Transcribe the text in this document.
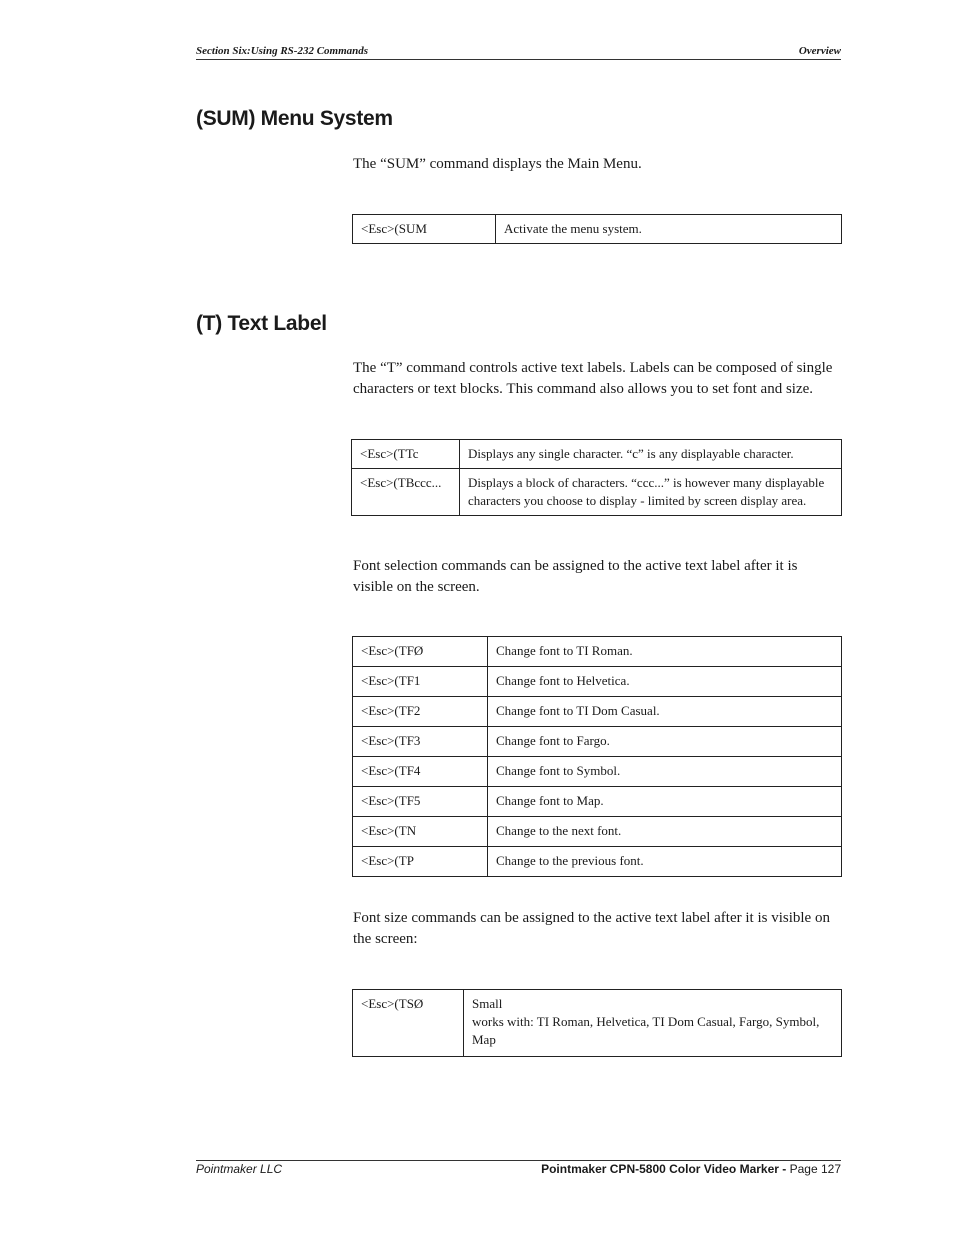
Section Six:Using RS-232 Commands	Overview
(SUM) Menu System

The “SUM” command displays the Main Menu.

<Esc>(SUM	Activate the menu system.
(T) Text Label

The “T” command controls active text labels. Labels can be composed of single characters or text blocks. This command also allows you to set font and size.

<Esc>(TTc	Displays any single character. “c” is any displayable character.
<Esc>(TBccc...	Displays a block of characters. “ccc...” is however many displayable characters you choose to display - limited by screen display area.

Font selection commands can be assigned to the active text label after it is visible on the screen.

<Esc>(TFØ	Change font to TI Roman.
<Esc>(TF1	Change font to Helvetica.
<Esc>(TF2	Change font to TI Dom Casual.
<Esc>(TF3	Change font to Fargo.
<Esc>(TF4	Change font to Symbol.
<Esc>(TF5	Change font to Map.
<Esc>(TN	Change to the next font.
<Esc>(TP	Change to the previous font.

Font size commands can be assigned to the active text label after it is visible on the screen:

<Esc>(TSØ	Small
works with: TI Roman, Helvetica, TI Dom Casual, Fargo, Symbol, Map
Pointmaker LLC	Pointmaker CPN-5800 Color Video Marker - Page 127
